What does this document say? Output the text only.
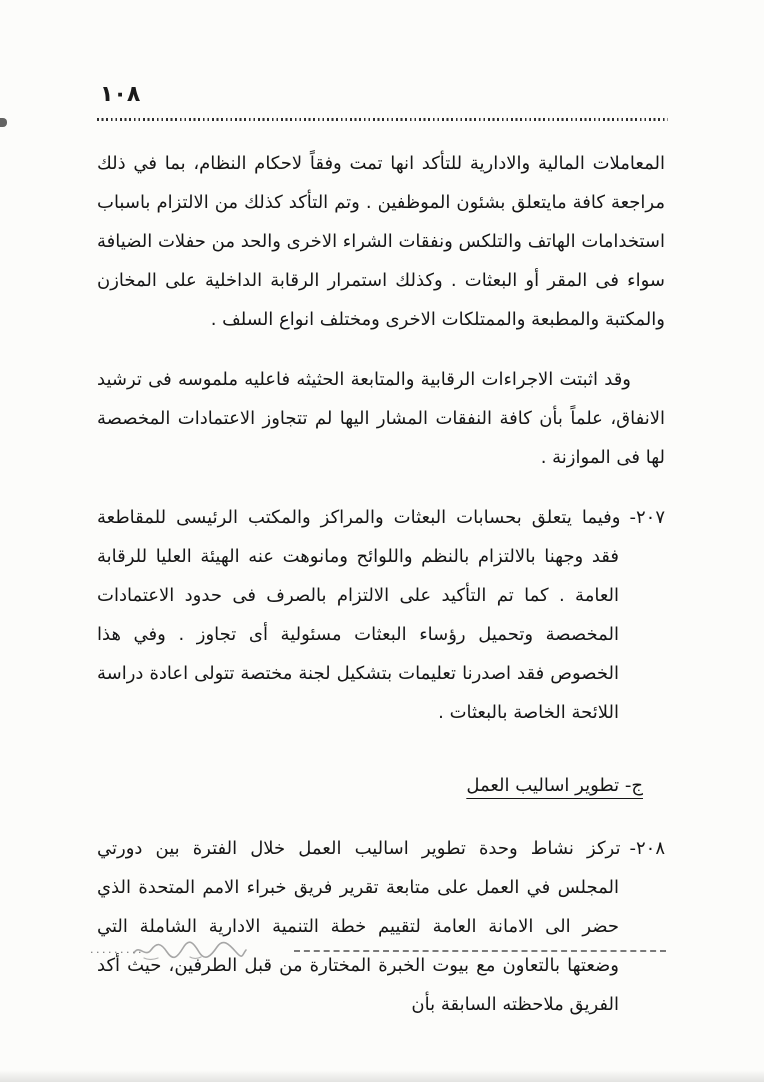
١٠٨

المعاملات المالية والادارية للتأكد انها تمت وفقاً لاحكام النظام، بما في ذلك مراجعة كافة مايتعلق بشئون الموظفين . وتم التأكد كذلك من الالتزام باسباب استخدامات الهاتف والتلكس ونفقات الشراء الاخرى والحد من حفلات الضيافة سواء فى المقر أو البعثات . وكذلك استمرار الرقابة الداخلية على المخازن والمكتبة والمطبعة والممتلكات الاخرى ومختلف انواع السلف .

وقد اثبتت الاجراءات الرقابية والمتابعة الحثيثه فاعليه ملموسه فى ترشيد الانفاق، علماً بأن كافة النفقات المشار اليها لم تتجاوز الاعتمادات المخصصة لها فى الموازنة .

٢٠٧-وفيما يتعلق بحسابات البعثات والمراكز والمكتب الرئيسى للمقاطعة فقد وجهنا بالالتزام بالنظم واللوائح ومانوهت عنه الهيئة العليا للرقابة العامة . كما تم التأكيد على الالتزام بالصرف فى حدود الاعتمادات المخصصة وتحميل رؤساء البعثات مسئولية أى تجاوز . وفي هذا الخصوص فقد اصدرنا تعليمات بتشكيل لجنة مختصة تتولى اعادة دراسة اللائحة الخاصة بالبعثات .

ج- تطوير اساليب العمل

٢٠٨-تركز نشاط وحدة تطوير اساليب العمل خلال الفترة بين دورتي المجلس في العمل على متابعة تقرير فريق خبراء الامم المتحدة الذي حضر الى الامانة العامة لتقييم خطة التنمية الادارية الشاملة التي وضعتها بالتعاون مع بيوت الخبرة المختارة من قبل الطرفين، حيث أكد الفريق ملاحظته السابقة بأن

.........
